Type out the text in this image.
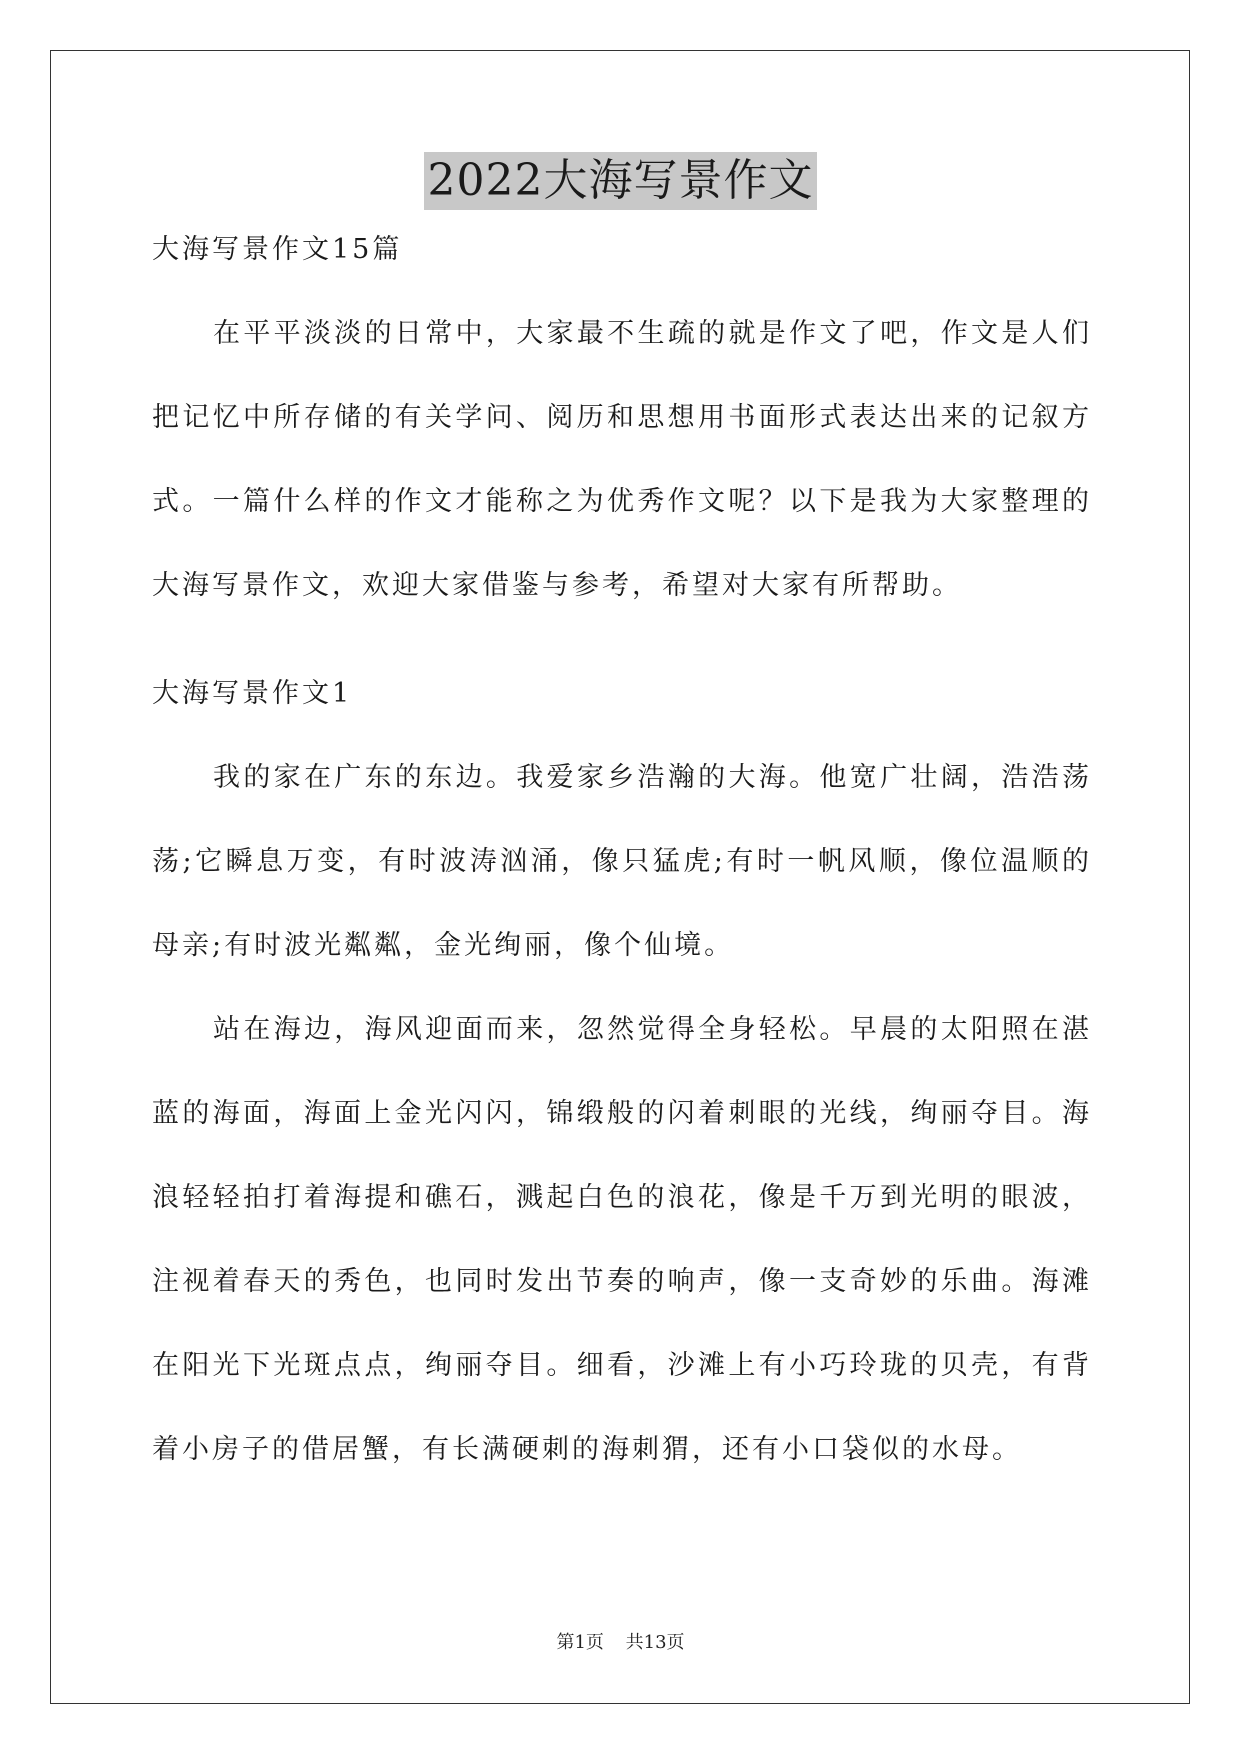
2022大海写景作文

大海写景作文15篇

在平平淡淡的日常中，大家最不生疏的就是作文了吧，作文是人们把记忆中所存储的有关学问、阅历和思想用书面形式表达出来的记叙方式。一篇什么样的作文才能称之为优秀作文呢？以下是我为大家整理的大海写景作文，欢迎大家借鉴与参考，希望对大家有所帮助。

大海写景作文1

我的家在广东的东边。我爱家乡浩瀚的大海。他宽广壮阔，浩浩荡荡;它瞬息万变，有时波涛汹涌，像只猛虎;有时一帆风顺，像位温顺的母亲;有时波光粼粼，金光绚丽，像个仙境。

站在海边，海风迎面而来，忽然觉得全身轻松。早晨的太阳照在湛蓝的海面，海面上金光闪闪，锦缎般的闪着刺眼的光线，绚丽夺目。海浪轻轻拍打着海提和礁石，溅起白色的浪花，像是千万到光明的眼波，注视着春天的秀色，也同时发出节奏的响声，像一支奇妙的乐曲。海滩在阳光下光斑点点，绚丽夺目。细看，沙滩上有小巧玲珑的贝壳，有背着小房子的借居蟹，有长满硬刺的海刺猬，还有小口袋似的水母。

第1页 共13页
